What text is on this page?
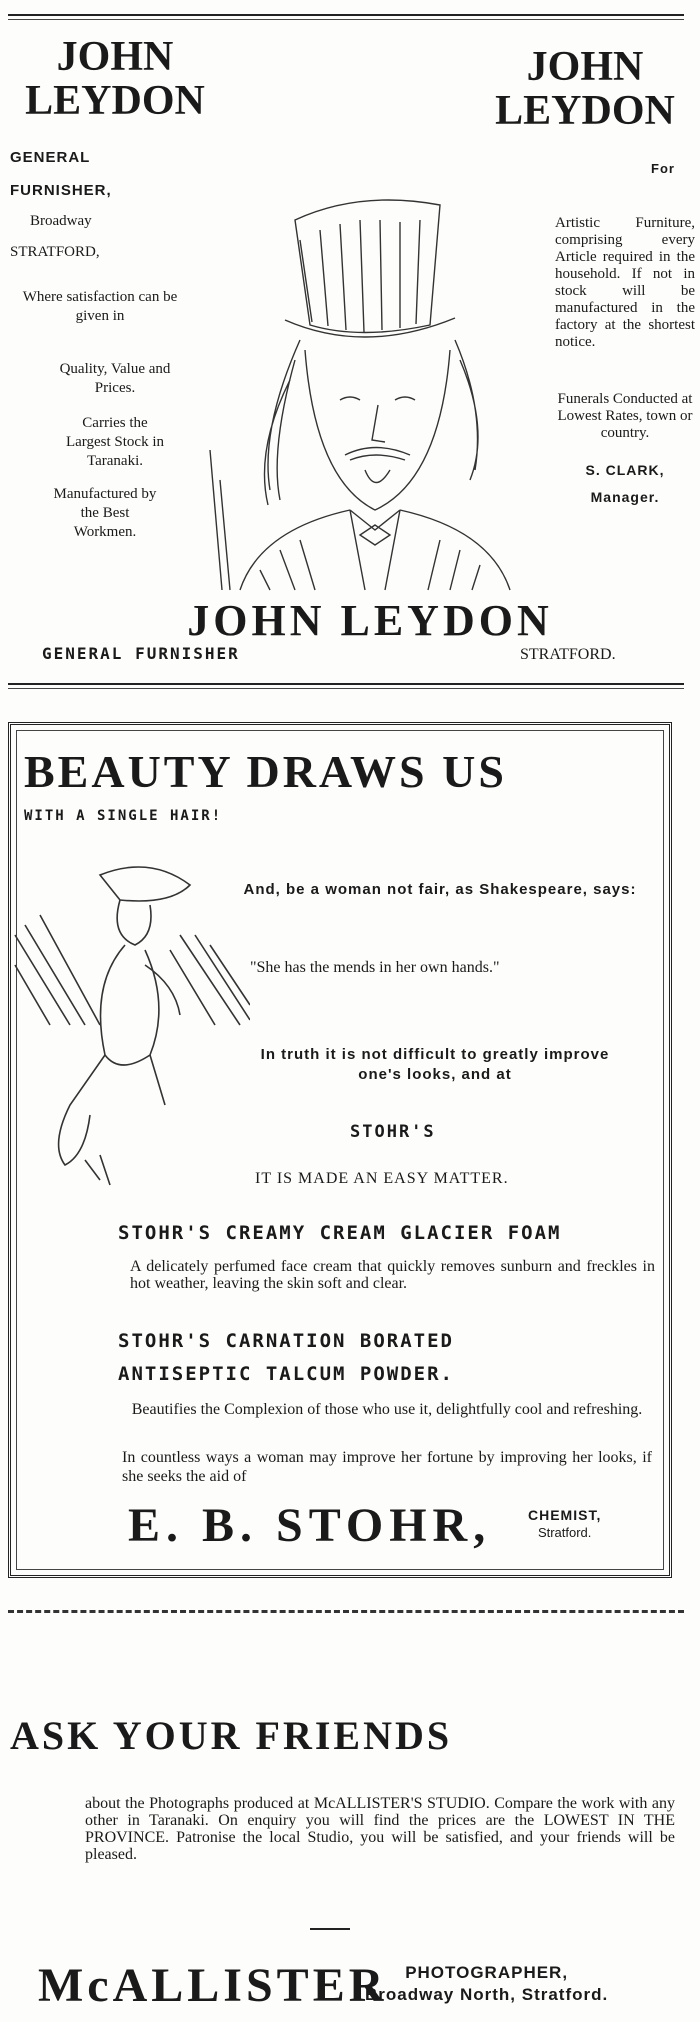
JOHN LEYDON
JOHN LEYDON
GENERAL
FURNISHER,
Broadway
STRATFORD,
Where satisfaction can be given in
Quality, Value and Prices.
Carries the Largest Stock in Taranaki.
Manufactured by the Best Workmen.
For
Artistic Furniture, comprising every Article required in the household. If not in stock will be manufactured in the factory at the shortest notice.
Funerals Conducted at Lowest Rates, town or country.
S. CLARK,
Manager.
JOHN LEYDON
GENERAL FURNISHER	STRATFORD.
BEAUTY DRAWS US
WITH A SINGLE HAIR!
And, be a woman not fair, as Shakespeare, says:
"She has the mends in her own hands."
In truth it is not difficult to greatly improve one's looks, and at
STOHR'S
IT IS MADE AN EASY MATTER.
STOHR'S CREAMY CREAM GLACIER FOAM
A delicately perfumed face cream that quickly removes sunburn and freckles in hot weather, leaving the skin soft and clear.
STOHR'S CARNATION BORATED
ANTISEPTIC TALCUM POWDER.
Beautifies the Complexion of those who use it, delightfully cool and refreshing.
In countless ways a woman may improve her fortune by improving her looks, if she seeks the aid of
E. B. STOHR,	CHEMIST,
Stratford.
ASK YOUR FRIENDS
about the Photographs produced at McALLISTER'S STUDIO. Compare the work with any other in Taranaki. On enquiry you will find the prices are the LOWEST IN THE PROVINCE. Patronise the local Studio, you will be satisfied, and your friends will be pleased.
McALLISTER	PHOTOGRAPHER,
Broadway North, Stratford.
